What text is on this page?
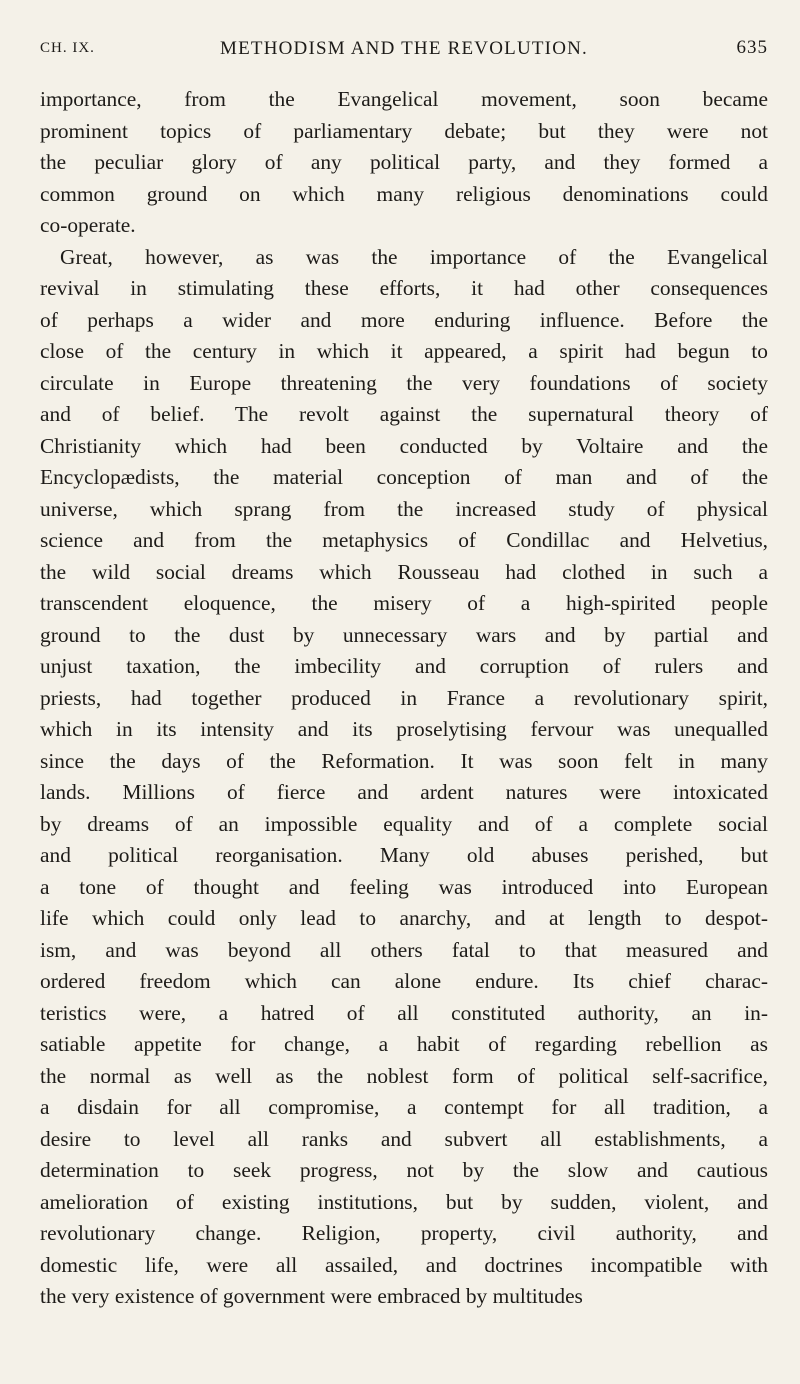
CH. IX.	METHODISM AND THE REVOLUTION.	635
importance, from the Evangelical movement, soon became
prominent topics of parliamentary debate; but they were not
the peculiar glory of any political party, and they formed a
common ground on which many religious denominations could
co-operate.
Great, however, as was the importance of the Evangelical
revival in stimulating these efforts, it had other consequences
of perhaps a wider and more enduring influence. Before the
close of the century in which it appeared, a spirit had begun to
circulate in Europe threatening the very foundations of society
and of belief. The revolt against the supernatural theory of
Christianity which had been conducted by Voltaire and the
Encyclopædists, the material conception of man and of the
universe, which sprang from the increased study of physical
science and from the metaphysics of Condillac and Helvetius,
the wild social dreams which Rousseau had clothed in such a
transcendent eloquence, the misery of a high-spirited people
ground to the dust by unnecessary wars and by partial and
unjust taxation, the imbecility and corruption of rulers and
priests, had together produced in France a revolutionary spirit,
which in its intensity and its proselytising fervour was unequalled
since the days of the Reformation. It was soon felt in many
lands. Millions of fierce and ardent natures were intoxicated
by dreams of an impossible equality and of a complete social
and political reorganisation. Many old abuses perished, but
a tone of thought and feeling was introduced into European
life which could only lead to anarchy, and at length to despot-
ism, and was beyond all others fatal to that measured and
ordered freedom which can alone endure. Its chief charac-
teristics were, a hatred of all constituted authority, an in-
satiable appetite for change, a habit of regarding rebellion as
the normal as well as the noblest form of political self-sacrifice,
a disdain for all compromise, a contempt for all tradition, a
desire to level all ranks and subvert all establishments, a
determination to seek progress, not by the slow and cautious
amelioration of existing institutions, but by sudden, violent, and
revolutionary change. Religion, property, civil authority, and
domestic life, were all assailed, and doctrines incompatible with
the very existence of government were embraced by multitudes
